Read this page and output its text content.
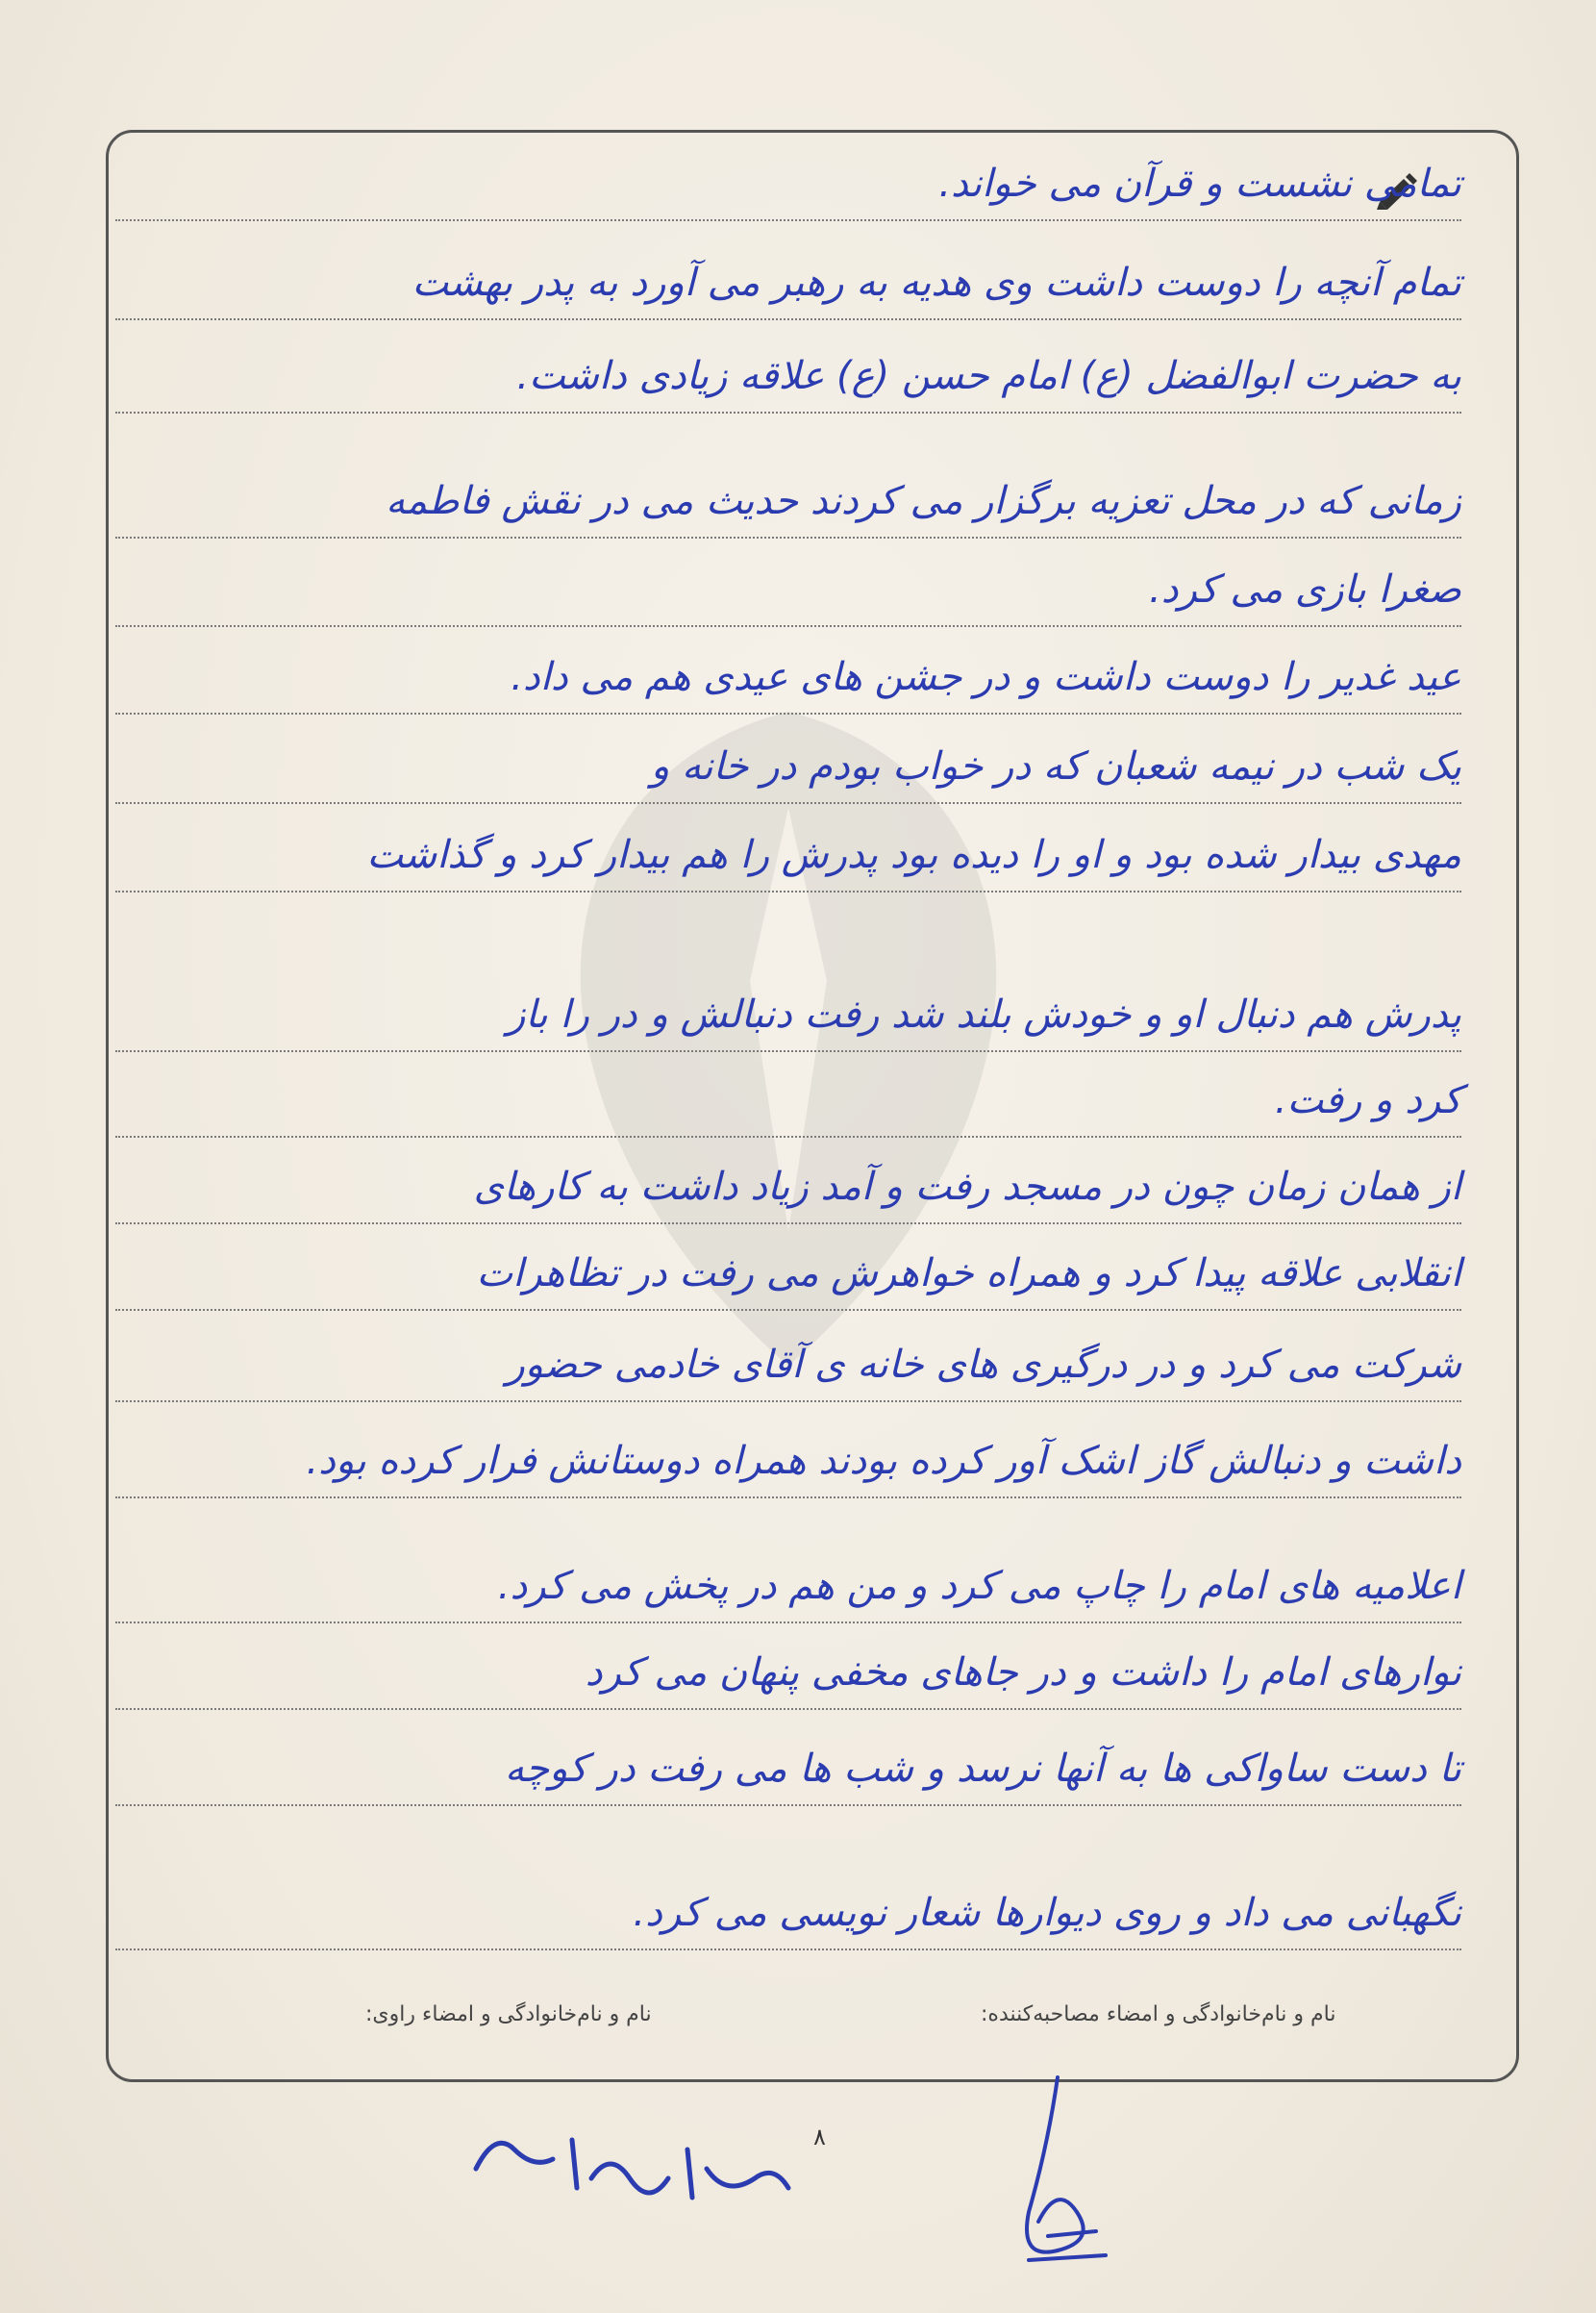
تمامی نشست و قرآن می خواند.
تمام آنچه را دوست داشت وی هدیه به رهبر می آورد به پدر بهشت
به حضرت ابوالفضل (ع) امام حسن (ع) علاقه زیادی داشت.
زمانی که در محل تعزیه برگزار می کردند حدیث می در نقش فاطمه
صغرا بازی می کرد.
عید غدیر را دوست داشت و در جشن های عیدی هم می داد.
یک شب در نیمه شعبان که در خواب بودم در خانه و
مهدی بیدار شده بود و او را دیده بود پدرش را هم بیدار کرد و گذاشت
پدرش هم دنبال او و خودش بلند شد رفت دنبالش و در را باز
کرد و رفت.
از همان زمان چون در مسجد رفت و آمد زیاد داشت به کارهای
انقلابی علاقه پیدا کرد و همراه خواهرش می رفت در تظاهرات
شرکت می کرد و در درگیری های خانه ی آقای خادمی حضور
داشت و دنبالش گاز اشک آور کرده بودند همراه دوستانش فرار کرده بود.
اعلامیه های امام را چاپ می کرد و من هم در پخش می کرد.
نوارهای امام را داشت و در جاهای مخفی پنهان می کرد
تا دست ساواکی ها به آنها نرسد و شب ها می رفت در کوچه
نگهبانی می داد و روی دیوارها شعار نویسی می کرد.
نام و نام‌خانوادگی و امضاء مصاحبه‌کننده:
نام و نام‌خانوادگی و امضاء راوی:
۸
